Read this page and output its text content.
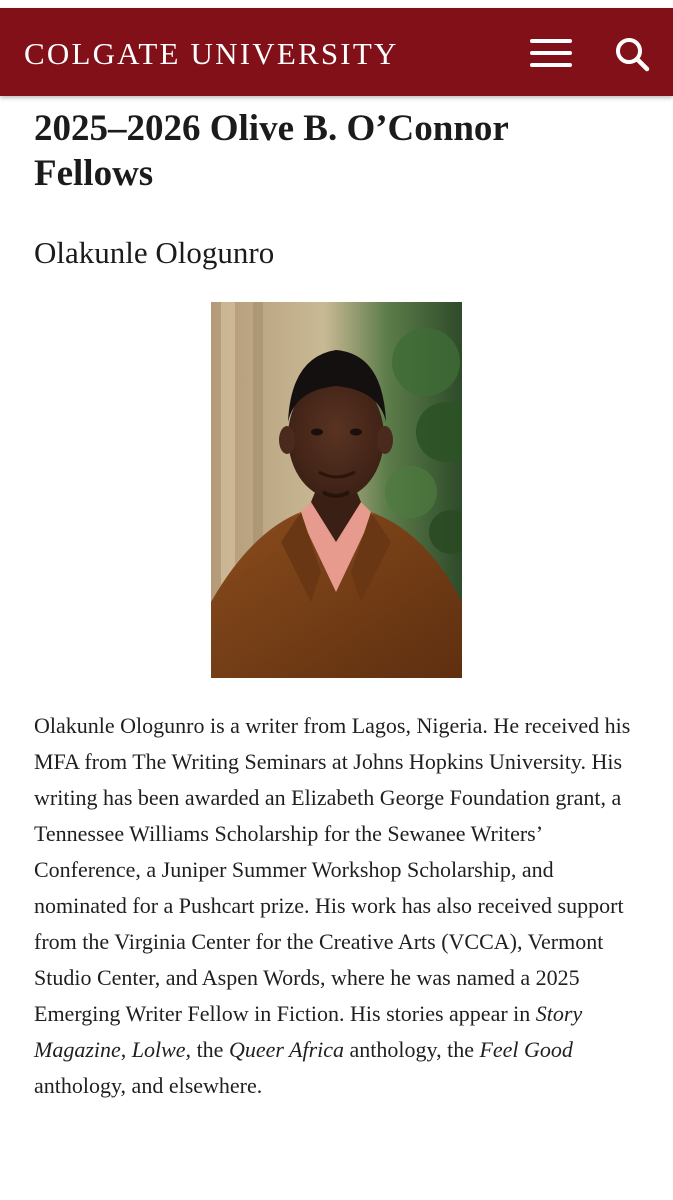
COLGATE UNIVERSITY
2025–2026 Olive B. O’Connor Fellows
Olakunle Ologunro

Olakunle Ologunro is a writer from Lagos, Nigeria. He received his MFA from The Writing Seminars at Johns Hopkins University. His writing has been awarded an Elizabeth George Foundation grant, a Tennessee Williams Scholarship for the Sewanee Writers’ Conference, a Juniper Summer Workshop Scholarship, and nominated for a Pushcart prize. His work has also received support from the Virginia Center for the Creative Arts (VCCA), Vermont Studio Center, and Aspen Words, where he was named a 2025 Emerging Writer Fellow in Fiction. His stories appear in Story Magazine, Lolwe, the Queer Africa anthology, the Feel Good anthology, and elsewhere.
